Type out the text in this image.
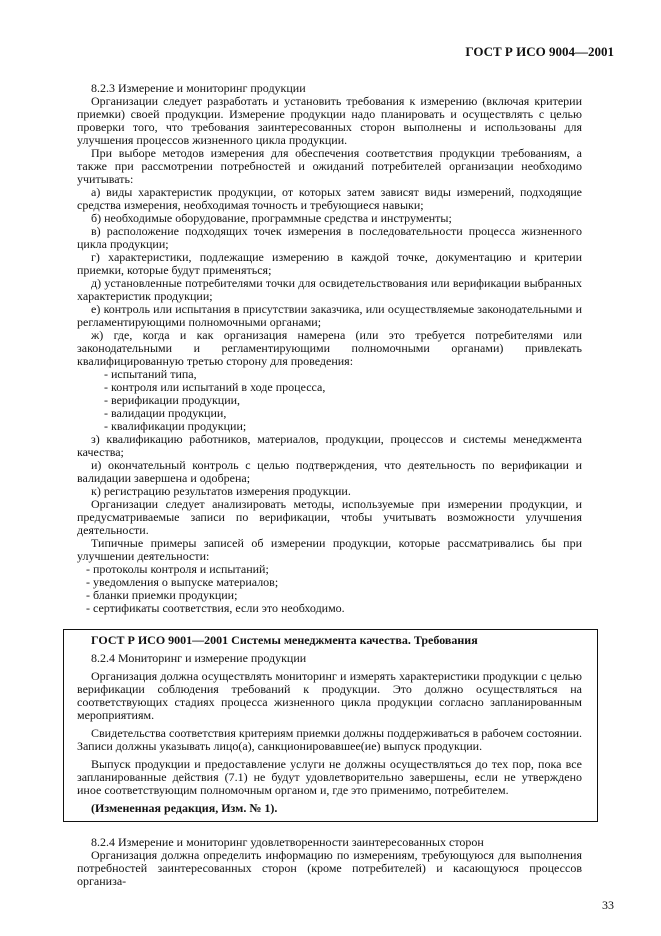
ГОСТ Р ИСО 9004—2001

8.2.3 Измерение и мониторинг продукции

Организации следует разработать и установить требования к измерению (включая критерии приемки) своей продукции. Измерение продукции надо планировать и осуществлять с целью проверки того, что требования заинтересованных сторон выполнены и использованы для улучшения процессов жизненного цикла продукции.

При выборе методов измерения для обеспечения соответствия продукции требованиям, а также при рассмотрении потребностей и ожиданий потребителей организации необходимо учитывать:

а) виды характеристик продукции, от которых затем зависят виды измерений, подходящие средства измерения, необходимая точность и требующиеся навыки;

б) необходимые оборудование, программные средства и инструменты;

в) расположение подходящих точек измерения в последовательности процесса жизненного цикла продукции;

г) характеристики, подлежащие измерению в каждой точке, документацию и критерии приемки, которые будут применяться;

д) установленные потребителями точки для освидетельствования или верификации выбранных характеристик продукции;

е) контроль или испытания в присутствии заказчика, или осуществляемые законодательными и регламентирующими полномочными органами;

ж) где, когда и как организация намерена (или это требуется потребителями или законодательными и регламентирующими полномочными органами) привлекать квалифицированную третью сторону для проведения:

- испытаний типа,

- контроля или испытаний в ходе процесса,

- верификации продукции,

- валидации продукции,

- квалификации продукции;

з) квалификацию работников, материалов, продукции, процессов и системы менеджмента качества;

и) окончательный контроль с целью подтверждения, что деятельность по верификации и валидации завершена и одобрена;

к) регистрацию результатов измерения продукции.

Организации следует анализировать методы, используемые при измерении продукции, и предусматриваемые записи по верификации, чтобы учитывать возможности улучшения деятельности.

Типичные примеры записей об измерении продукции, которые рассматривались бы при улучшении деятельности:

- протоколы контроля и испытаний;

- уведомления о выпуске материалов;

- бланки приемки продукции;

- сертификаты соответствия, если это необходимо.

ГОСТ Р ИСО 9001—2001 Системы менеджмента качества. Требования

8.2.4 Мониторинг и измерение продукции

Организация должна осуществлять мониторинг и измерять характеристики продукции с целью верификации соблюдения требований к продукции. Это должно осуществляться на соответствующих стадиях процесса жизненного цикла продукции согласно запланированным мероприятиям.

Свидетельства соответствия критериям приемки должны поддерживаться в рабочем состоянии. Записи должны указывать лицо(а), санкционировавшее(ие) выпуск продукции.

Выпуск продукции и предоставление услуги не должны осуществляться до тех пор, пока все запланированные действия (7.1) не будут удовлетворительно завершены, если не утверждено иное соответствующим полномочным органом и, где это применимо, потребителем.

(Измененная редакция, Изм. № 1).

8.2.4 Измерение и мониторинг удовлетворенности заинтересованных сторон

Организация должна определить информацию по измерениям, требующуюся для выполнения потребностей заинтересованных сторон (кроме потребителей) и касающуюся процессов организа-

33
